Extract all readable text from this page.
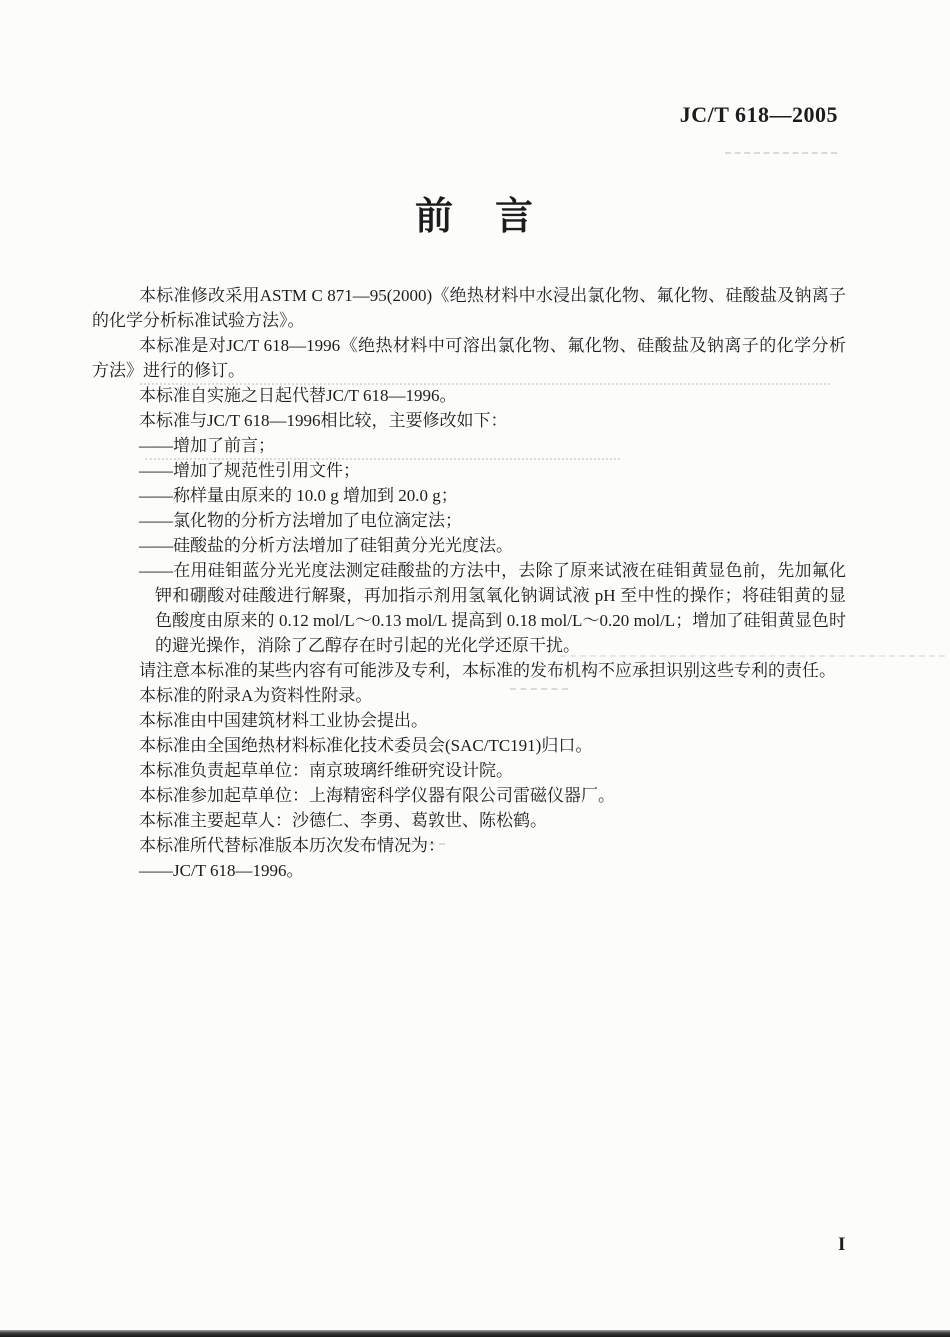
JC/T 618—2005
前　言

本标准修改采用ASTM C 871—95(2000)《绝热材料中水浸出氯化物、氟化物、硅酸盐及钠离子的化学分析标准试验方法》。

本标准是对JC/T 618—1996《绝热材料中可溶出氯化物、氟化物、硅酸盐及钠离子的化学分析方法》进行的修订。

本标准自实施之日起代替JC/T 618—1996。

本标准与JC/T 618—1996相比较，主要修改如下：

——增加了前言；

——增加了规范性引用文件；

——称样量由原来的 10.0 g 增加到 20.0 g；

——氯化物的分析方法增加了电位滴定法；

——硅酸盐的分析方法增加了硅钼黄分光光度法。

——在用硅钼蓝分光光度法测定硅酸盐的方法中，去除了原来试液在硅钼黄显色前，先加氟化钾和硼酸对硅酸进行解聚，再加指示剂用氢氧化钠调试液 pH 至中性的操作；将硅钼黄的显色酸度由原来的 0.12 mol/L～0.13 mol/L 提高到 0.18 mol/L～0.20 mol/L；增加了硅钼黄显色时的避光操作，消除了乙醇存在时引起的光化学还原干扰。

请注意本标准的某些内容有可能涉及专利，本标准的发布机构不应承担识别这些专利的责任。

本标准的附录A为资料性附录。

本标准由中国建筑材料工业协会提出。

本标准由全国绝热材料标准化技术委员会(SAC/TC191)归口。

本标准负责起草单位：南京玻璃纤维研究设计院。

本标准参加起草单位：上海精密科学仪器有限公司雷磁仪器厂。

本标准主要起草人：沙德仁、李勇、葛敦世、陈松鹤。

本标准所代替标准版本历次发布情况为：

——JC/T 618—1996。

I
